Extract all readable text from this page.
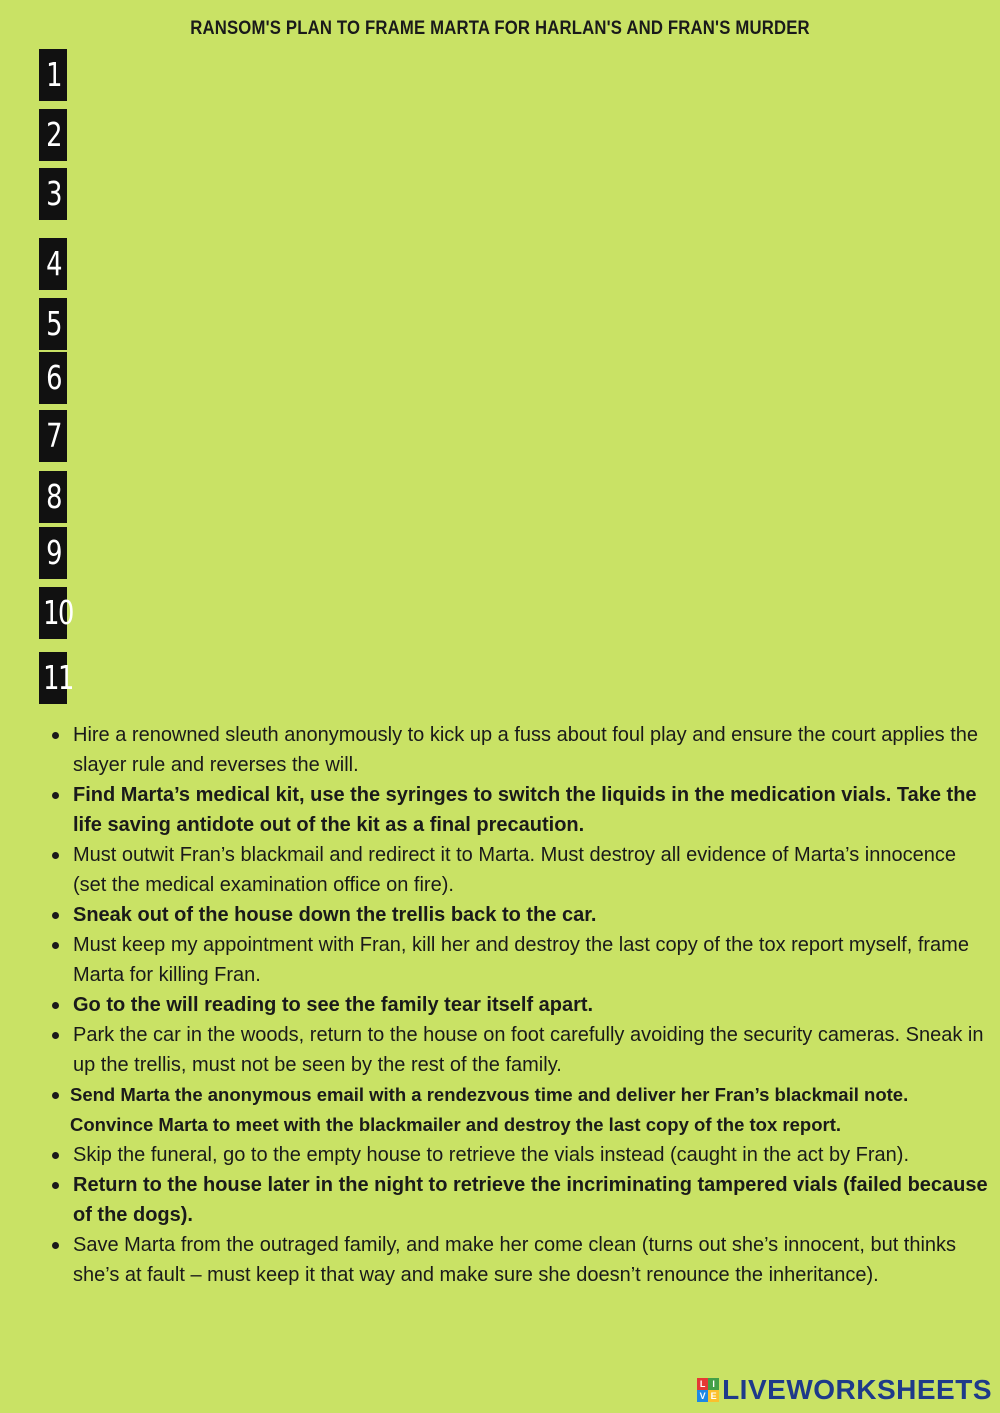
RANSOM'S PLAN TO FRAME MARTA FOR HARLAN'S AND FRAN'S MURDER
1
2
3
4
5
6
7
8
9
10
11
Hire a renowned sleuth anonymously to kick up a fuss about foul play and ensure the court applies the slayer rule and reverses the will.
Find Marta’s medical kit, use the syringes to switch the liquids in the medication vials. Take the life saving antidote out of the kit as a final precaution.
Must outwit Fran’s blackmail and redirect it to Marta. Must destroy all evidence of Marta’s innocence (set the medical examination office on fire).
Sneak out of the house down the trellis back to the car.
Must keep my appointment with Fran, kill her and destroy the last copy of the tox report myself, frame Marta for killing Fran.
Go to the will reading to see the family tear itself apart.
Park the car in the woods, return to the house on foot carefully avoiding the security cameras. Sneak in up the trellis, must not be seen by the rest of the family.
Send Marta the anonymous email with a rendezvous time and deliver her Fran’s blackmail note. Convince Marta to meet with the blackmailer and destroy the last copy of the tox report.
Skip the funeral, go to the empty house to retrieve the vials instead (caught in the act by Fran).
Return to the house later in the night to retrieve the incriminating tampered vials (failed because of the dogs).
Save Marta from the outraged family, and make her come clean (turns out she’s innocent, but thinks she’s at fault – must keep it that way and make sure she doesn’t renounce the inheritance).
L I
V E LIVEWORKSHEETS
